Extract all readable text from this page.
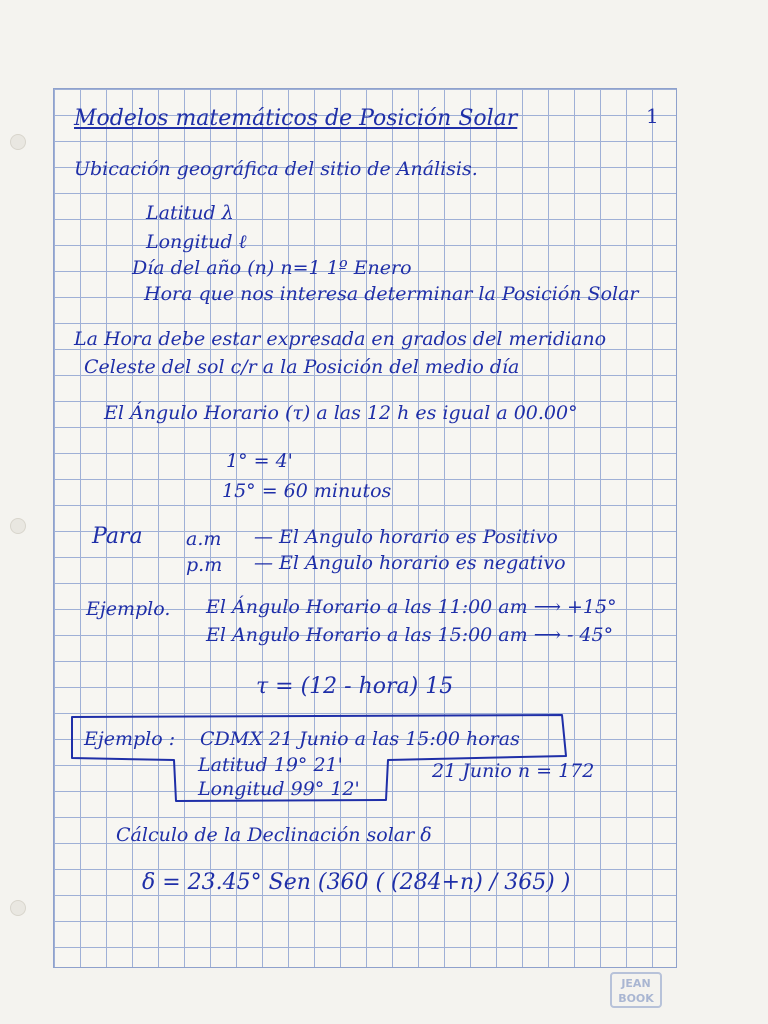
Modelos matemáticos de Posición Solar	1
Ubicación geográfica del sitio de Análisis.
Latitud λ
Longitud ℓ
Día del año (n) n=1 1º Enero
Hora que nos interesa determinar la Posición Solar
La Hora debe estar expresada en grados del meridiano
Celeste del sol c/r a la Posición del medio día
El Ángulo Horario (τ) a las 12 h es igual a 00.00°
1° = 4'
15° = 60 minutos
Para a.m — El Angulo horario es Positivo
p.m — El Angulo horario es negativo
Ejemplo. El Ángulo Horario a las 11:00 am ⟶ +15°
El Angulo Horario a las 15:00 am ⟶ - 45°
τ = (12 - hora) 15
Ejemplo : CDMX 21 Junio a las 15:00 horas
Latitud 19° 21'
Longitud 99° 12'
21 Junio n = 172
Cálculo de la Declinación solar δ
δ = 23.45° Sen (360 ( (284+n) / 365) )
JEAN
BOOK
